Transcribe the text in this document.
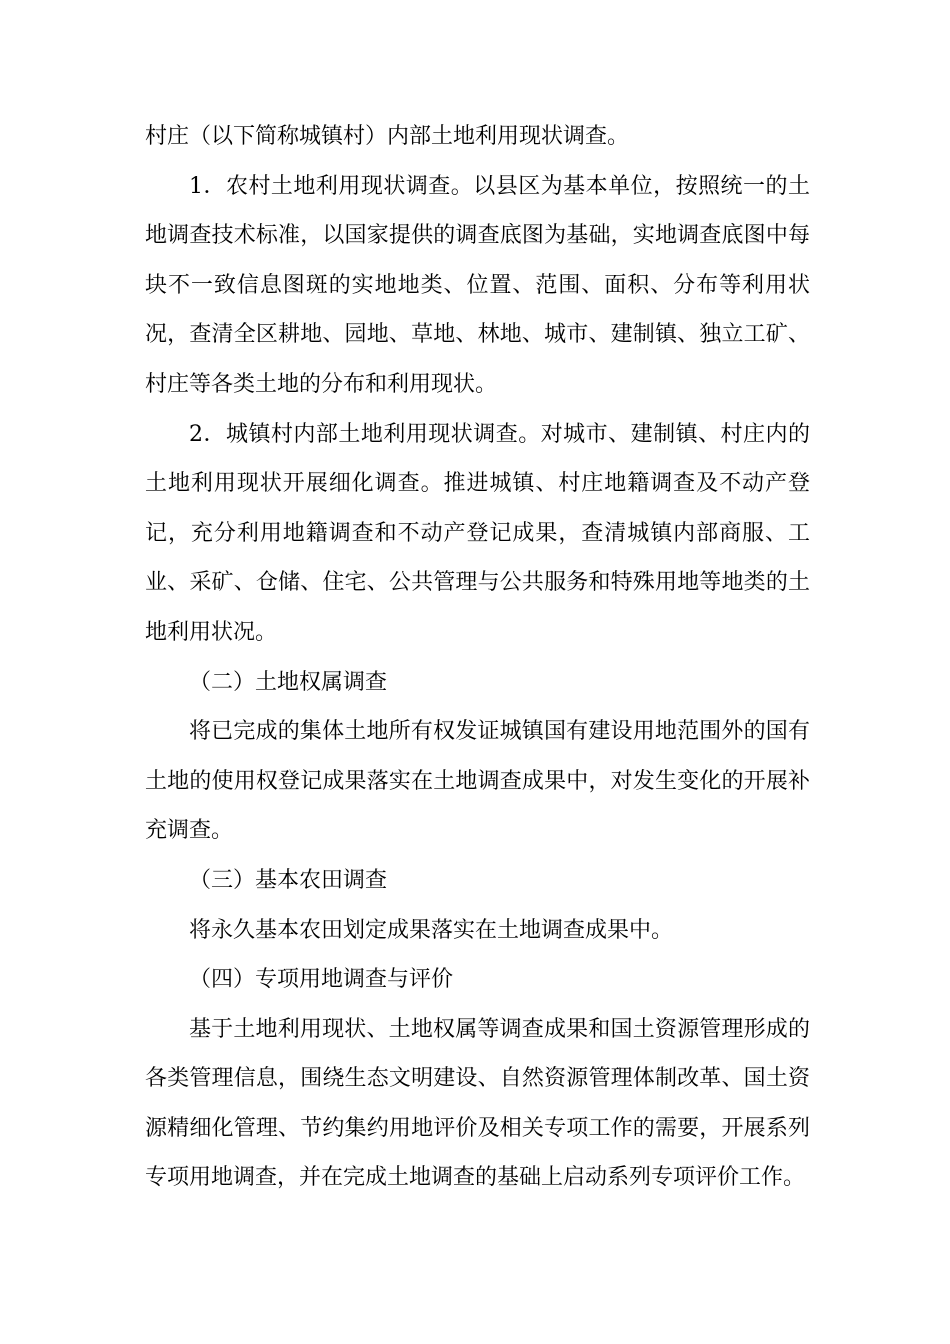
村庄（以下简称城镇村）内部土地利用现状调查。

1．农村土地利用现状调查。以县区为基本单位，按照统一的土地调查技术标准，以国家提供的调查底图为基础，实地调查底图中每块不一致信息图斑的实地地类、位置、范围、面积、分布等利用状况，查清全区耕地、园地、草地、林地、城市、建制镇、独立工矿、村庄等各类土地的分布和利用现状。

2．城镇村内部土地利用现状调查。对城市、建制镇、村庄内的土地利用现状开展细化调查。推进城镇、村庄地籍调查及不动产登记，充分利用地籍调查和不动产登记成果，查清城镇内部商服、工业、采矿、仓储、住宅、公共管理与公共服务和特殊用地等地类的土地利用状况。

（二）土地权属调查

将已完成的集体土地所有权发证城镇国有建设用地范围外的国有土地的使用权登记成果落实在土地调查成果中，对发生变化的开展补充调查。

（三）基本农田调查

将永久基本农田划定成果落实在土地调查成果中。

（四）专项用地调查与评价

基于土地利用现状、土地权属等调查成果和国土资源管理形成的各类管理信息，围绕生态文明建设、自然资源管理体制改革、国土资源精细化管理、节约集约用地评价及相关专项工作的需要，开展系列专项用地调查，并在完成土地调查的基础上启动系列专项评价工作。
